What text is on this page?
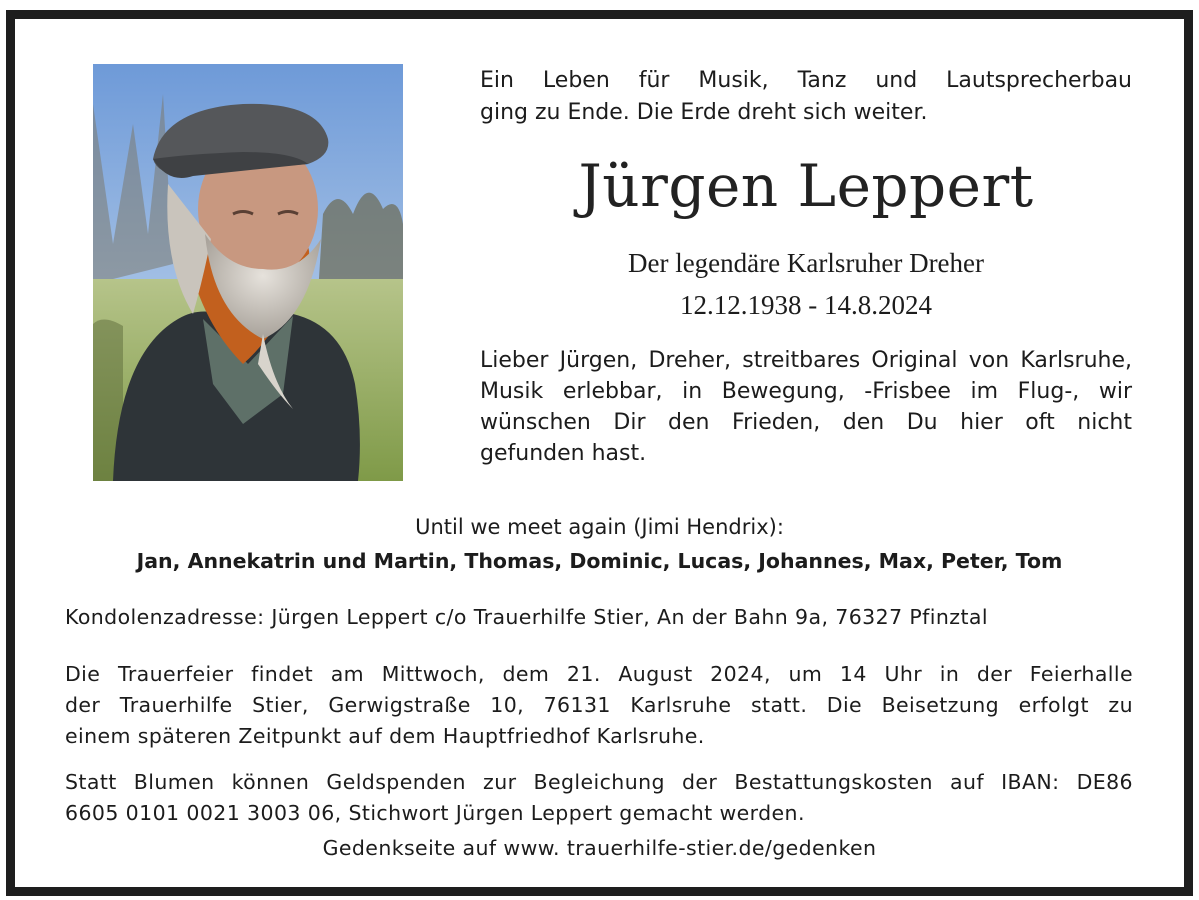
Ein Leben für Musik, Tanz und Lautsprecherbau
ging zu Ende. Die Erde dreht sich weiter.
Jürgen Leppert
Der legendäre Karlsruher Dreher
12.12.1938 - 14.8.2024
Lieber Jürgen, Dreher, streitbares Original von Karlsruhe,
Musik erlebbar, in Bewegung, -Frisbee im Flug-, wir
wünschen Dir den Frieden, den Du hier oft nicht
gefunden hast.
Until we meet again (Jimi Hendrix):
Jan, Annekatrin und Martin, Thomas, Dominic, Lucas, Johannes, Max, Peter, Tom
Kondolenzadresse: Jürgen Leppert c/o Trauerhilfe Stier, An der Bahn 9a, 76327 Pfinztal
Die Trauerfeier findet am Mittwoch, dem 21. August 2024, um 14 Uhr in der Feierhalle
der Trauerhilfe Stier, Gerwigstraße 10, 76131 Karlsruhe statt. Die Beisetzung erfolgt zu
einem späteren Zeitpunkt auf dem Hauptfriedhof Karlsruhe.
Statt Blumen können Geldspenden zur Begleichung der Bestattungskosten auf IBAN: DE86
6605 0101 0021 3003 06, Stichwort Jürgen Leppert gemacht werden.
Gedenkseite auf www. trauerhilfe-stier.de/gedenken
